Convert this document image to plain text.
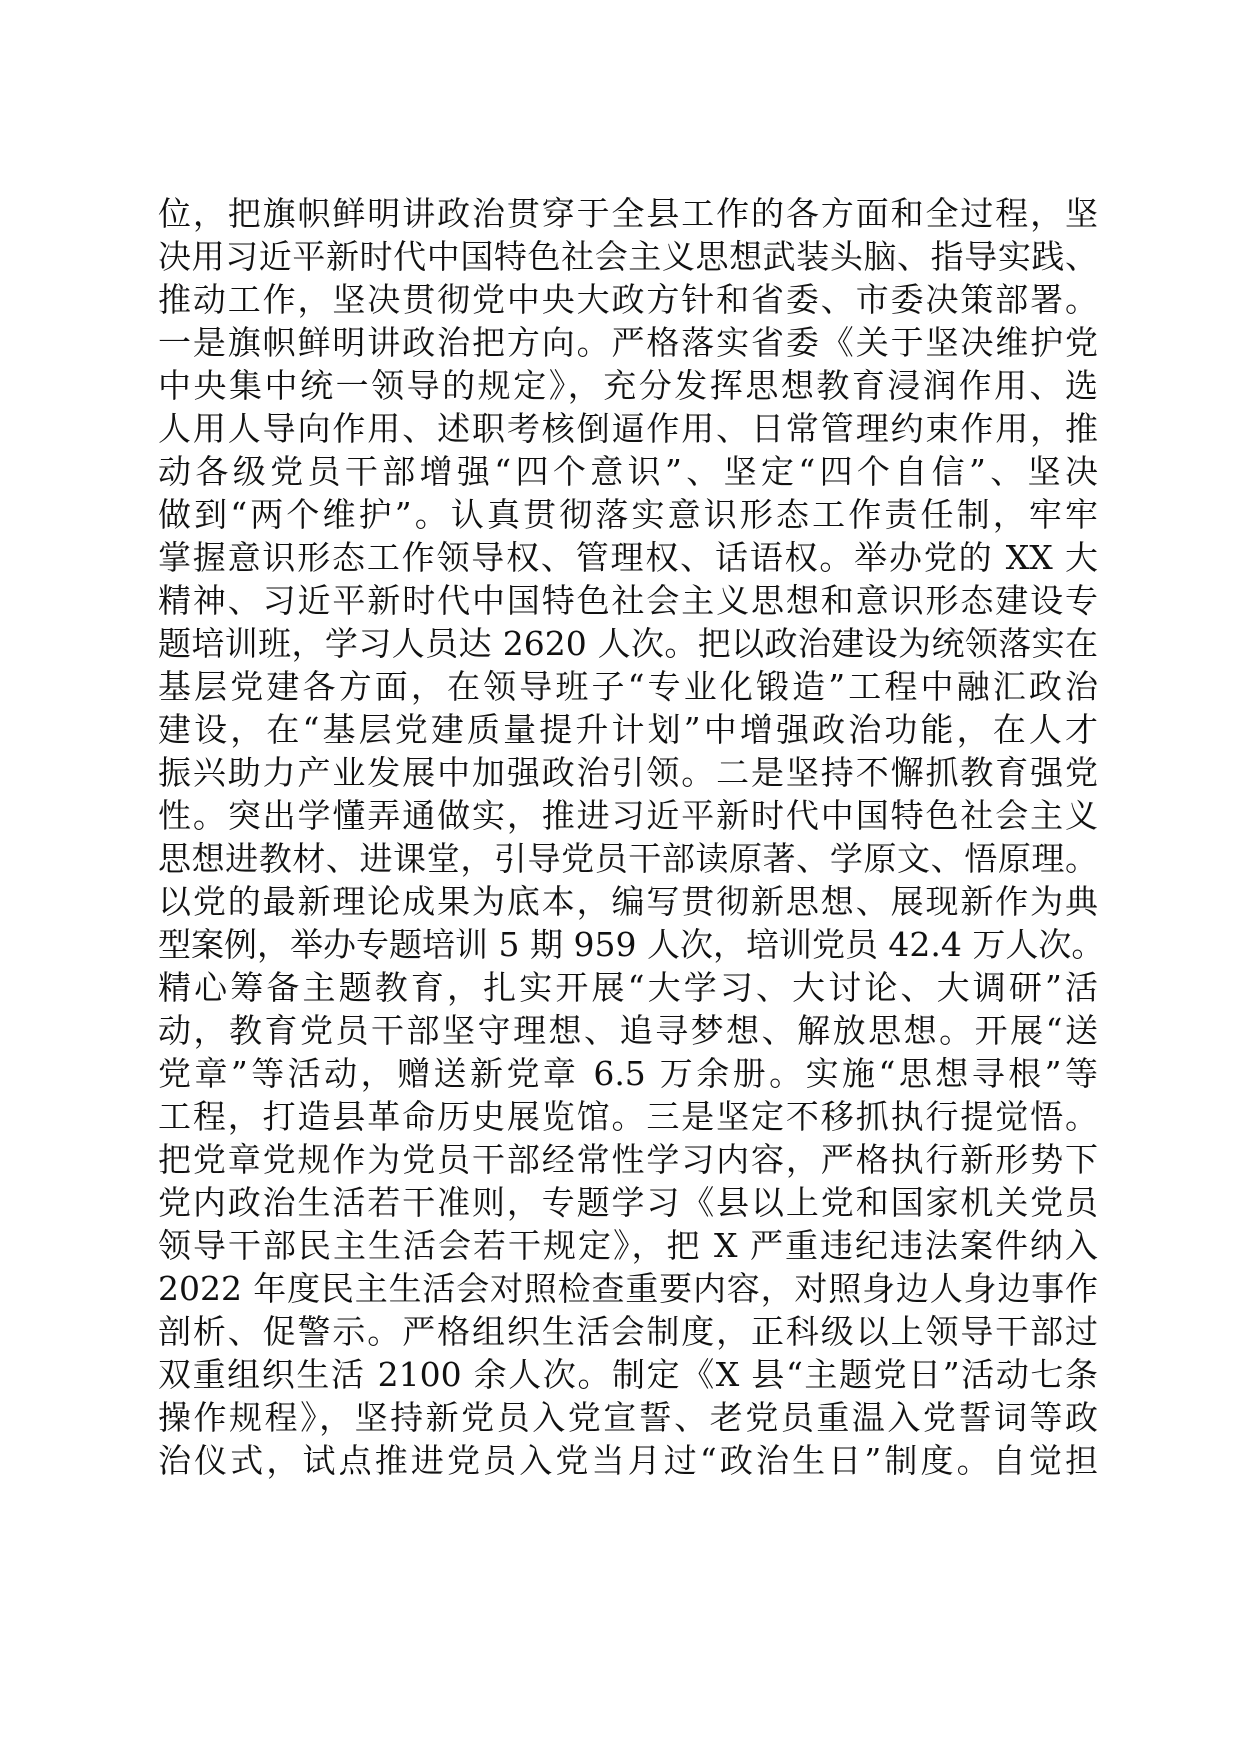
位，把旗帜鲜明讲政治贯穿于全县工作的各方面和全过程，坚
决用习近平新时代中国特色社会主义思想武装头脑、指导实践、
推动工作，坚决贯彻党中央大政方针和省委、市委决策部署。
一是旗帜鲜明讲政治把方向。严格落实省委《关于坚决维护党
中央集中统一领导的规定》，充分发挥思想教育浸润作用、选
人用人导向作用、述职考核倒逼作用、日常管理约束作用，推
动各级党员干部增强“四个意识”、坚定“四个自信”、坚决
做到“两个维护”。认真贯彻落实意识形态工作责任制，牢牢
掌握意识形态工作领导权、管理权、话语权。举办党的 XX 大
精神、习近平新时代中国特色社会主义思想和意识形态建设专
题培训班，学习人员达 2620 人次。把以政治建设为统领落实在
基层党建各方面，在领导班子“专业化锻造”工程中融汇政治
建设，在“基层党建质量提升计划”中增强政治功能，在人才
振兴助力产业发展中加强政治引领。二是坚持不懈抓教育强党
性。突出学懂弄通做实，推进习近平新时代中国特色社会主义
思想进教材、进课堂，引导党员干部读原著、学原文、悟原理。
以党的最新理论成果为底本，编写贯彻新思想、展现新作为典
型案例，举办专题培训 5 期 959 人次，培训党员 42.4 万人次。
精心筹备主题教育，扎实开展“大学习、大讨论、大调研”活
动，教育党员干部坚守理想、追寻梦想、解放思想。开展“送
党章”等活动，赠送新党章 6.5 万余册。实施“思想寻根”等
工程，打造县革命历史展览馆。三是坚定不移抓执行提觉悟。
把党章党规作为党员干部经常性学习内容，严格执行新形势下
党内政治生活若干准则，专题学习《县以上党和国家机关党员
领导干部民主生活会若干规定》，把 X 严重违纪违法案件纳入
2022 年度民主生活会对照检查重要内容，对照身边人身边事作
剖析、促警示。严格组织生活会制度，正科级以上领导干部过
双重组织生活 2100 余人次。制定《X 县“主题党日”活动七条
操作规程》，坚持新党员入党宣誓、老党员重温入党誓词等政
治仪式，试点推进党员入党当月过“政治生日”制度。自觉担
